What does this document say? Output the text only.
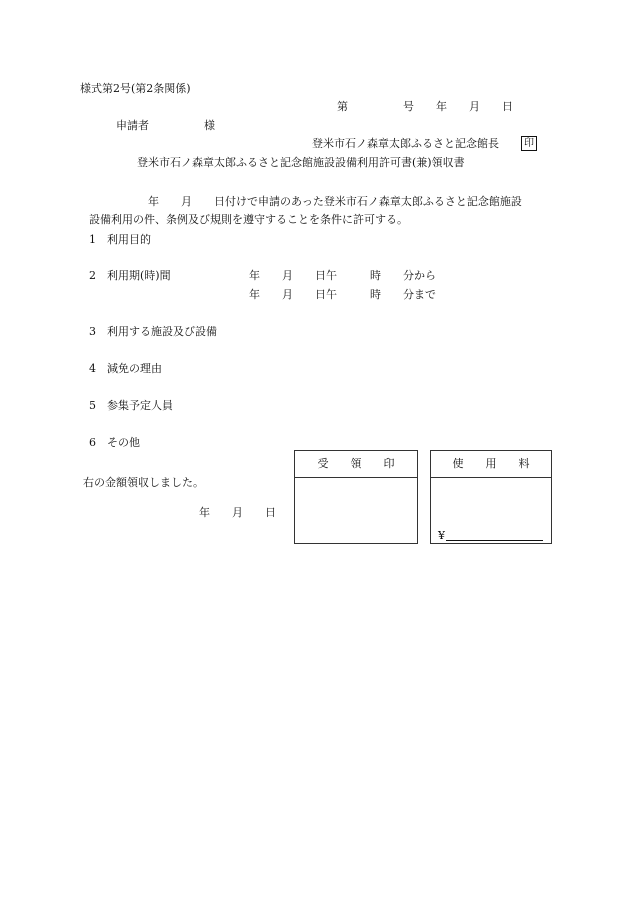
様式第2号(第2条関係)
第　　　　　号　　年　　月　　日
申請者　　　　　様
登米市石ノ森章太郎ふるさと記念館長	印
登米市石ノ森章太郎ふるさと記念館施設設備利用許可書(兼)領収書
年　　月　　日付けで申請のあった登米市石ノ森章太郎ふるさと記念館施設
設備利用の件、条例及び規則を遵守することを条件に許可する。
1　利用目的
2　利用期(時)間	年　　月　　日午　　　時　　分から
年　　月　　日午　　　時　　分まで
3　利用する施設及び設備
4　減免の理由
5　参集予定人員
6　その他
右の金額領収しました。
年　　月　　日
受　　領　　印	使　　用　　料
¥
